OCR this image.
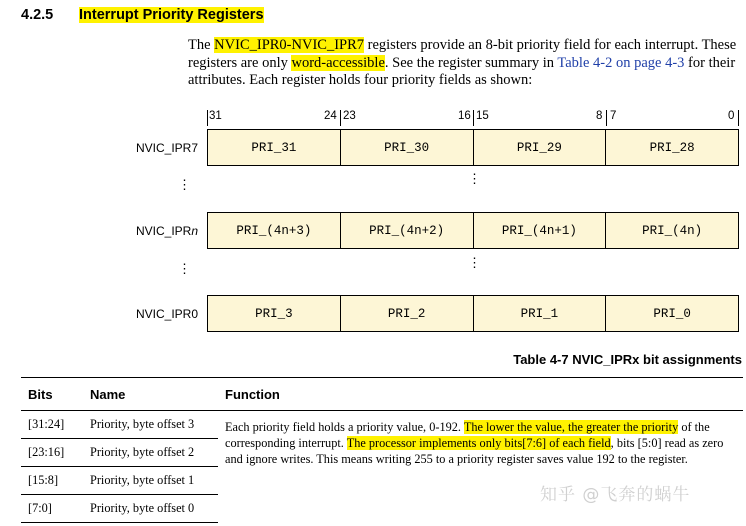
4.2.5 Interrupt Priority Registers
The NVIC_IPR0-NVIC_IPR7 registers provide an 8-bit priority field for each interrupt. These registers are only word-accessible. See the register summary in Table 4-2 on page 4-3 for their attributes. Each register holds four priority fields as shown:
31	24 23	16 15	8 7	0
NVIC_IPR7	PRI_31	PRI_30	PRI_29	PRI_28
⋮	⋮
NVIC_IPRn	PRI_(4n+3)	PRI_(4n+2)	PRI_(4n+1)	PRI_(4n)
⋮	⋮
NVIC_IPR0	PRI_3	PRI_2	PRI_1	PRI_0
Table 4-7 NVIC_IPRx bit assignments
Bits	Name	Function
[31:24]	Priority, byte offset 3	Each priority field holds a priority value, 0-192. The lower the value, the greater the priority of the corresponding interrupt. The processor implements only bits[7:6] of each field, bits [5:0] read as zero and ignore writes. This means writing 255 to a priority register saves value 192 to the register.
[23:16]	Priority, byte offset 2	
[15:8]	Priority, byte offset 1	
[7:0]	Priority, byte offset 0	
知乎 @飞奔的蜗牛
